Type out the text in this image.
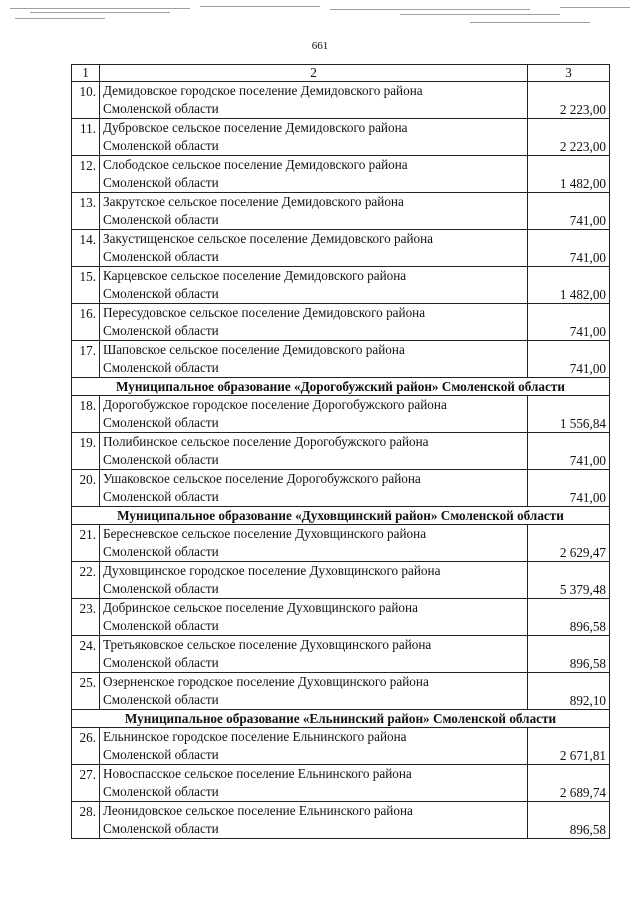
661
1	2	3
10.	Демидовское городское поселение Демидовского района
Смоленской области	2 223,00
11.	Дубровское сельское поселение Демидовского района
Смоленской области	2 223,00
12.	Слободское сельское поселение Демидовского района
Смоленской области	1 482,00
13.	Закрутское сельское поселение Демидовского района
Смоленской области	741,00
14.	Закустищенское сельское поселение Демидовского района
Смоленской области	741,00
15.	Карцевское сельское поселение Демидовского района
Смоленской области	1 482,00
16.	Пересудовское сельское поселение Демидовского района
Смоленской области	741,00
17.	Шаповское сельское поселение Демидовского района
Смоленской области	741,00
Муниципальное образование «Дорогобужский район» Смоленской области		
18.	Дорогобужское городское поселение Дорогобужского района
Смоленской области	1 556,84
19.	Полибинское сельское поселение Дорогобужского района
Смоленской области	741,00
20.	Ушаковское сельское поселение Дорогобужского района
Смоленской области	741,00
Муниципальное образование «Духовщинский район» Смоленской области		
21.	Бересневское сельское поселение Духовщинского района
Смоленской области	2 629,47
22.	Духовщинское городское поселение Духовщинского района
Смоленской области	5 379,48
23.	Добринское сельское поселение Духовщинского района
Смоленской области	896,58
24.	Третьяковское сельское поселение Духовщинского района
Смоленской области	896,58
25.	Озерненское городское поселение Духовщинского района
Смоленской области	892,10
Муниципальное образование «Ельнинский район» Смоленской области		
26.	Ельнинское городское поселение Ельнинского района
Смоленской области	2 671,81
27.	Новоспасское сельское поселение Ельнинского района
Смоленской области	2 689,74
28.	Леонидовское сельское поселение Ельнинского района
Смоленской области	896,58
